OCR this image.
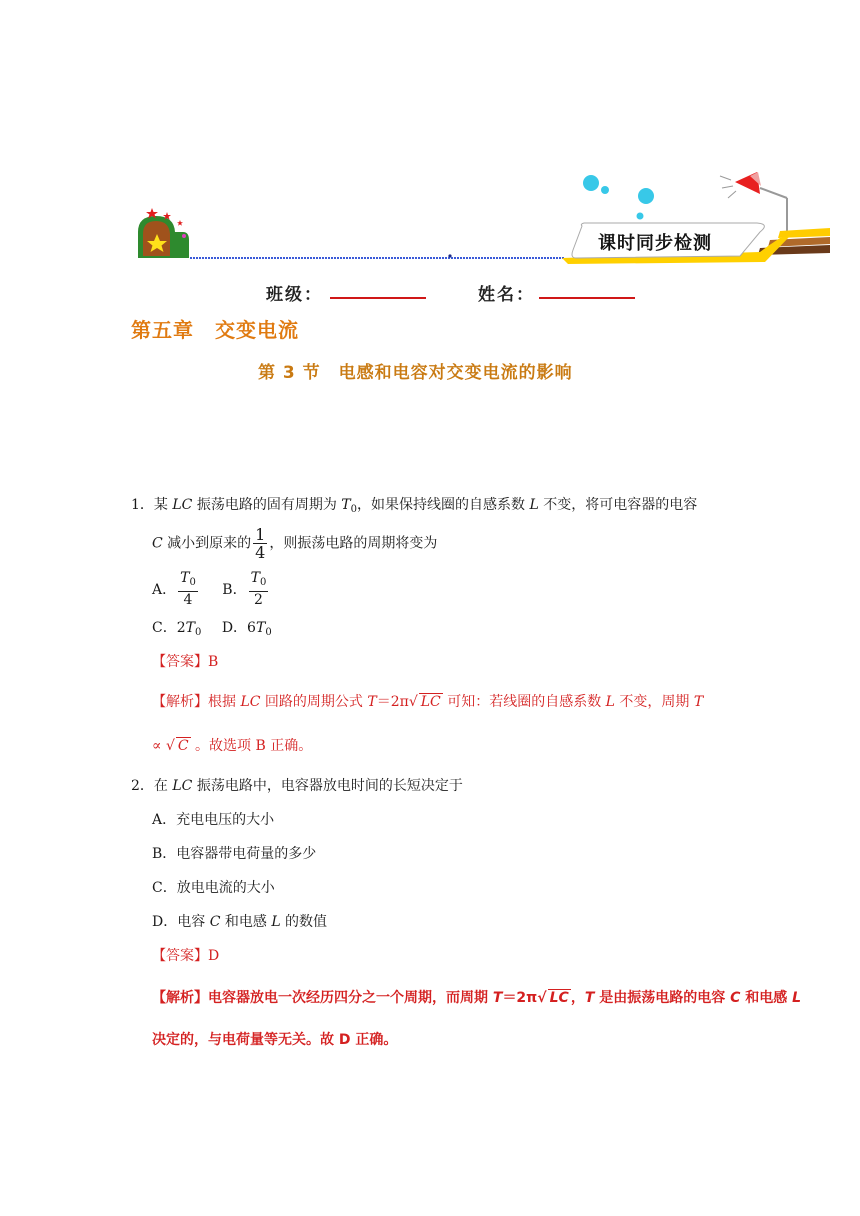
课时同步检测
班级：	姓名：
第五章　交变电流
第 3 节　电感和电容对交变电流的影响
1．某 LC 振荡电路的固有周期为 $T_0$，如果保持线圈的自感系数 L 不变，将可电容器的电容
C 减小到原来的 $\frac{1}{4}$ ，则振荡电路的周期将变为
A． $\frac{T_0}{4}$ B． $\frac{T_0}{2}$
C．$2T_0$ D．$6T_0$
【答案】B
【解析】根据 LC 回路的周期公式 T＝2π√ LC 可知：若线圈的自感系数 L 不变，周期 T
∝ √ C 。故选项 B 正确。
2．在 LC 振荡电路中，电容器放电时间的长短决定于
A．充电电压的大小
B．电容器带电荷量的多少
C．放电电流的大小
D．电容 C 和电感 L 的数值
【答案】D
【解析】电容器放电一次经历四分之一个周期，而周期 T＝2π√ LC ，T 是由振荡电路的电容 C 和电感 L
决定的，与电荷量等无关。故 D 正确。
